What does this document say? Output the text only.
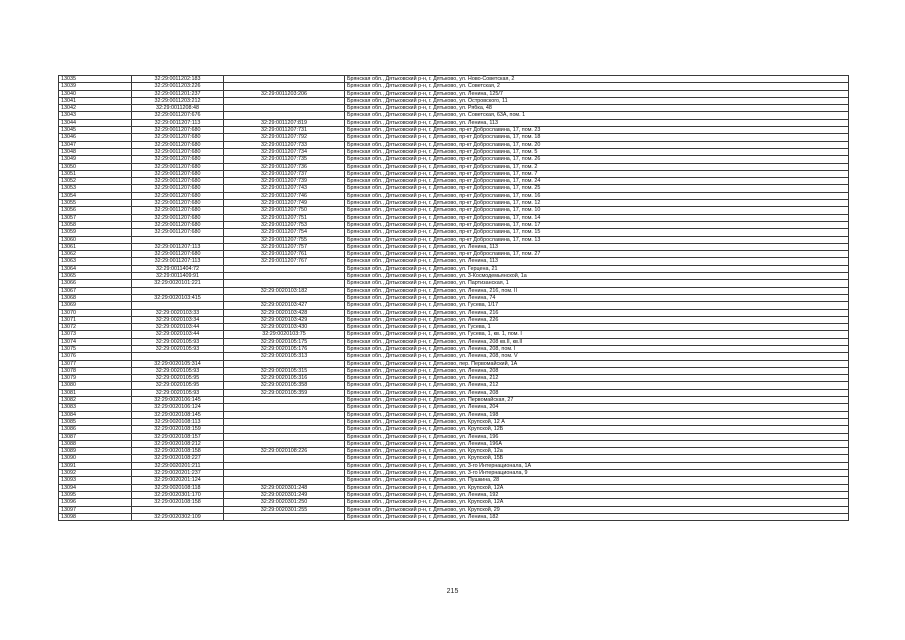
13035	32:29:0011202:183		Брянская обл., Дятьковский р-н, г. Дятьково, ул. Ново-Советская, 2
13039	32:29:0011203:226		Брянская обл., Дятьковский р-н, г. Дятьково, ул. Советская, 2
13040	32:29:0011201:237	32:29:0011203:206	Брянская обл., Дятьковский р-н, г. Дятьково, ул. Ленина, 125/7
13041	32:29:0011203:212		Брянская обл., Дятьковский р-н, г. Дятьково, ул. Островского, 11
13042	32:29:0011208:48		Брянская обл., Дятьковский р-н, г. Дятьково, ул. Рябка, 48
13043	32:29:0011207:676		Брянская обл., Дятьковский р-н, г. Дятьково, ул. Советская, 63А, пом. 1
13044	32:29:0011207:113	32:29:0011207:819	Брянская обл., Дятьковский р-н, г. Дятьково, ул. Ленина, 113
13045	32:29:0011207:680	32:29:0011207:731	Брянская обл., Дятьковский р-н, г. Дятьково, пр-кт Доброславина, 17, пом. 23
13046	32:29:0011207:680	32:29:0011207:792	Брянская обл., Дятьковский р-н, г. Дятьково, пр-кт Доброславина, 17, пом. 18
13047	32:29:0011207:680	32:29:0011207:733	Брянская обл., Дятьковский р-н, г. Дятьково, пр-кт Доброславина, 17, пом. 20
13048	32:29:0011207:680	32:29:0011207:734	Брянская обл., Дятьковский р-н, г. Дятьково, пр-кт Доброславина, 17, пом. 5
13049	32:29:0011207:680	32:29:0011207:735	Брянская обл., Дятьковский р-н, г. Дятьково, пр-кт Доброславина, 17, пом. 26
13050	32:29:0011207:680	32:29:0011207:736	Брянская обл., Дятьковский р-н, г. Дятьково, пр-кт Доброславина, 17, пом. 2
13051	32:29:0011207:680	32:29:0011207:737	Брянская обл., Дятьковский р-н, г. Дятьково, пр-кт Доброславина, 17, пом. 7
13052	32:29:0011207:680	32:29:0011207:739	Брянская обл., Дятьковский р-н, г. Дятьково, пр-кт Доброславина, 17, пом. 24
13053	32:29:0011207:680	32:29:0011207:743	Брянская обл., Дятьковский р-н, г. Дятьково, пр-кт Доброславина, 17, пом. 25
13054	32:29:0011207:680	32:29:0011207:746	Брянская обл., Дятьковский р-н, г. Дятьково, пр-кт Доброславина, 17, пом. 16
13055	32:29:0011207:680	32:29:0011207:749	Брянская обл., Дятьковский р-н, г. Дятьково, пр-кт Доброславина, 17, пом. 12
13056	32:29:0011207:680	32:29:0011207:750	Брянская обл., Дятьковский р-н, г. Дятьково, пр-кт Доброславина, 17, пом. 10
13057	32:29:0011207:680	32:29:0011207:751	Брянская обл., Дятьковский р-н, г. Дятьково, пр-кт Доброславина, 17, пом. 14
13058	32:29:0011207:680	32:29:0011207:753	Брянская обл., Дятьковский р-н, г. Дятьково, пр-кт Доброславина, 17, пом. 17
13059	32:29:0011207:680	32:29:0011207:754	Брянская обл., Дятьковский р-н, г. Дятьково, пр-кт Доброславина, 17, пом. 15
13060		32:29:0011207:755	Брянская обл., Дятьковский р-н, г. Дятьково, пр-кт Доброславина, 17, пом. 13
13061	32:29:0011207:113	32:29:0011207:757	Брянская обл., Дятьковский р-н, г. Дятьково, ул. Ленина, 113
13062	32:29:0011207:680	32:29:0011207:761	Брянская обл., Дятьковский р-н, г. Дятьково, пр-кт Доброславина, 17, пом. 27
13063	32:29:0011207:113	32:29:0011207:767	Брянская обл., Дятьковский р-н, г. Дятьково, ул. Ленина, 113
13064	32:29:0011404:72		Брянская обл., Дятьковский р-н, г. Дятьково, ул. Герцена, 21
13065	32:29:0011409:91		Брянская обл., Дятьковский р-н, г. Дятьково, ул. 3-Космодемьянской, 1а
13066	32:29:0020101:221		Брянская обл., Дятьковский р-н, г. Дятьково, ул. Партизанская, 1
13067		32:29:0020103:182	Брянская обл., Дятьковский р-н, г. Дятьково, ул. Ленина, 216, пом. II
13068	32:29:0020103:415		Брянская обл., Дятьковский р-н, г. Дятьково, ул. Ленина, 74
13069		32:29:0020103:427	Брянская обл., Дятьковский р-н, г. Дятьково, ул. Гусева, 1/17
13070	32:29:0020103:33	32:29:0020103:428	Брянская обл., Дятьковский р-н, г. Дятьково, ул. Ленина, 216
13071	32:29:0020103:34	32:29:0020103:429	Брянская обл., Дятьковский р-н, г. Дятьково, ул. Ленина, 226
13072	32:29:0020103:44	32:29:0020103:430	Брянская обл., Дятьковский р-н, г. Дятьково, ул. Гусева, 1
13073	32:29:0020103:44	32:29:0020103:75	Брянская обл., Дятьковский р-н, г. Дятьково, ул. Гусева, 1, кв. 1, пом. I
13074	32:29:0020105:93	32:29:0020105:175	Брянская обл., Дятьковский р-н, г. Дятьково, ул. Ленина, 208 кв.II, кв.II
13075	32:29:0020105:93	32:29:0020105:176	Брянская обл., Дятьковский р-н, г. Дятьково, ул. Ленина, 208, пом. I
13076		32:29:0020105:313	Брянская обл., Дятьковский р-н, г. Дятьково, ул. Ленина, 208, пом. V
13077	32:29:0020105:314		Брянская обл., Дятьковский р-н, г. Дятьково, пер. Первомайский, 1А
13078	32:29:0020105:93	32:29:0020105:315	Брянская обл., Дятьковский р-н, г. Дятьково, ул. Ленина, 208
13079	32:29:0020105:95	32:29:0020105:316	Брянская обл., Дятьковский р-н, г. Дятьково, ул. Ленина, 212
13080	32:29:0020105:95	32:29:0020105:358	Брянская обл., Дятьковский р-н, г. Дятьково, ул. Ленина, 212
13081	32:29:0020105:93	32:29:0020105:359	Брянская обл., Дятьковский р-н, г. Дятьково, ул. Ленина, 208
13082	32:29:0020106:145		Брянская обл., Дятьковский р-н, г. Дятьково, ул. Первомайская, 27
13083	32:29:0020106:124		Брянская обл., Дятьковский р-н, г. Дятьково, ул. Ленина, 204
13084	32:29:0020108:145		Брянская обл., Дятьковский р-н, г. Дятьково, ул. Ленина, 198
13085	32:29:0020108:113		Брянская обл., Дятьковский р-н, г. Дятьково, ул. Крупской, 12 А
13086	32:29:0020108:159		Брянская обл., Дятьковский р-н, г. Дятьково, ул. Крупской, 12Б
13087	32:29:0020108:157		Брянская обл., Дятьковский р-н, г. Дятьково, ул. Ленина, 196
13088	32:29:0020108:212		Брянская обл., Дятьковский р-н, г. Дятьково, ул. Ленина, 196А
13089	32:29:0020108:158	32:29:0020108:226	Брянская обл., Дятьковский р-н, г. Дятьково, ул. Крупской, 12а
13090	32:29:0020108:227		Брянская обл., Дятьковский р-н, г. Дятьково, ул. Крупской, 15Б
13091	32:29:0020201:211		Брянская обл., Дятьковский р-н, г. Дятьково, ул. 3-го Интернационала, 1А
13092	32:29:0020201:237		Брянская обл., Дятьковский р-н, г. Дятьково, ул. 3-го Интернационала, 9
13093	32:29:0020201:124		Брянская обл., Дятьковский р-н, г. Дятьково, ул. Пушкина, 28
13094	32:29:0020108:118	32:29:0020301:248	Брянская обл., Дятьковский р-н, г. Дятьково, ул. Крупской, 12А
13095	32:29:0020301:170	32:29:0020301:249	Брянская обл., Дятьковский р-н, г. Дятьково, ул. Ленина, 192
13096	32:29:0020108:158	32:29:0020301:250	Брянская обл., Дятьковский р-н, г. Дятьково, ул. Крупской, 12А
13097		32:29:0020301:255	Брянская обл., Дятьковский р-н, г. Дятьково, ул. Крупской, 29
13098	32:29:0020302:109		Брянская обл., Дятьковский р-н, г. Дятьково, ул. Ленина, 182
215
